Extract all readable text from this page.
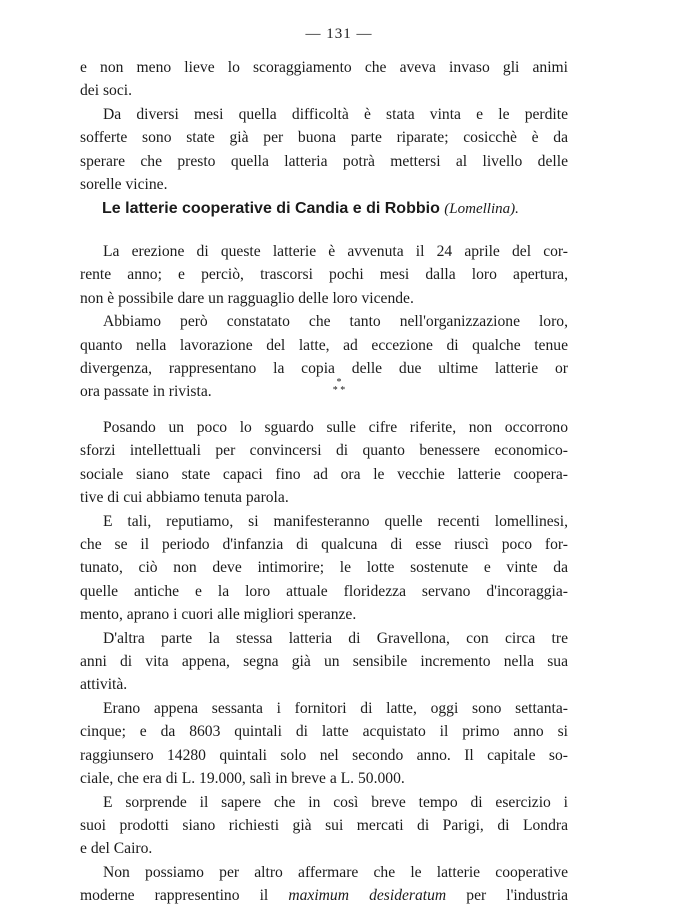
— 131 —

e non meno lieve lo scoraggiamento che aveva invaso gli animi

dei soci.

Da diversi mesi quella difficoltà è stata vinta e le perdite

sofferte sono state già per buona parte riparate; cosicchè è da

sperare che presto quella latteria potrà mettersi al livello delle

sorelle vicine.

Le latterie cooperative di Candia e di Robbio (Lomellina).

La erezione di queste latterie è avvenuta il 24 aprile del cor-

rente anno; e perciò, trascorsi pochi mesi dalla loro apertura,

non è possibile dare un ragguaglio delle loro vicende.

Abbiamo però constatato che tanto nell'organizzazione loro,

quanto nella lavorazione del latte, ad eccezione di qualche tenue

divergenza, rappresentano la copia delle due ultime latterie or

ora passate in rivista.

*
* *

Posando un poco lo sguardo sulle cifre riferite, non occorrono

sforzi intellettuali per convincersi di quanto benessere economico-

sociale siano state capaci fino ad ora le vecchie latterie coopera-

tive di cui abbiamo tenuta parola.

E tali, reputiamo, si manifesteranno quelle recenti lomellinesi,

che se il periodo d'infanzia di qualcuna di esse riuscì poco for-

tunato, ciò non deve intimorire; le lotte sostenute e vinte da

quelle antiche e la loro attuale floridezza servano d'incoraggia-

mento, aprano i cuori alle migliori speranze.

D'altra parte la stessa latteria di Gravellona, con circa tre

anni di vita appena, segna già un sensibile incremento nella sua

attività.

Erano appena sessanta i fornitori di latte, oggi sono settanta-

cinque; e da 8603 quintali di latte acquistato il primo anno si

raggiunsero 14280 quintali solo nel secondo anno. Il capitale so-

ciale, che era di L. 19.000, salì in breve a L. 50.000.

E sorprende il sapere che in così breve tempo di esercizio i

suoi prodotti siano richiesti già sui mercati di Parigi, di Londra

e del Cairo.

Non possiamo per altro affermare che le latterie cooperative

moderne rappresentino il maximum desideratum per l'industria
